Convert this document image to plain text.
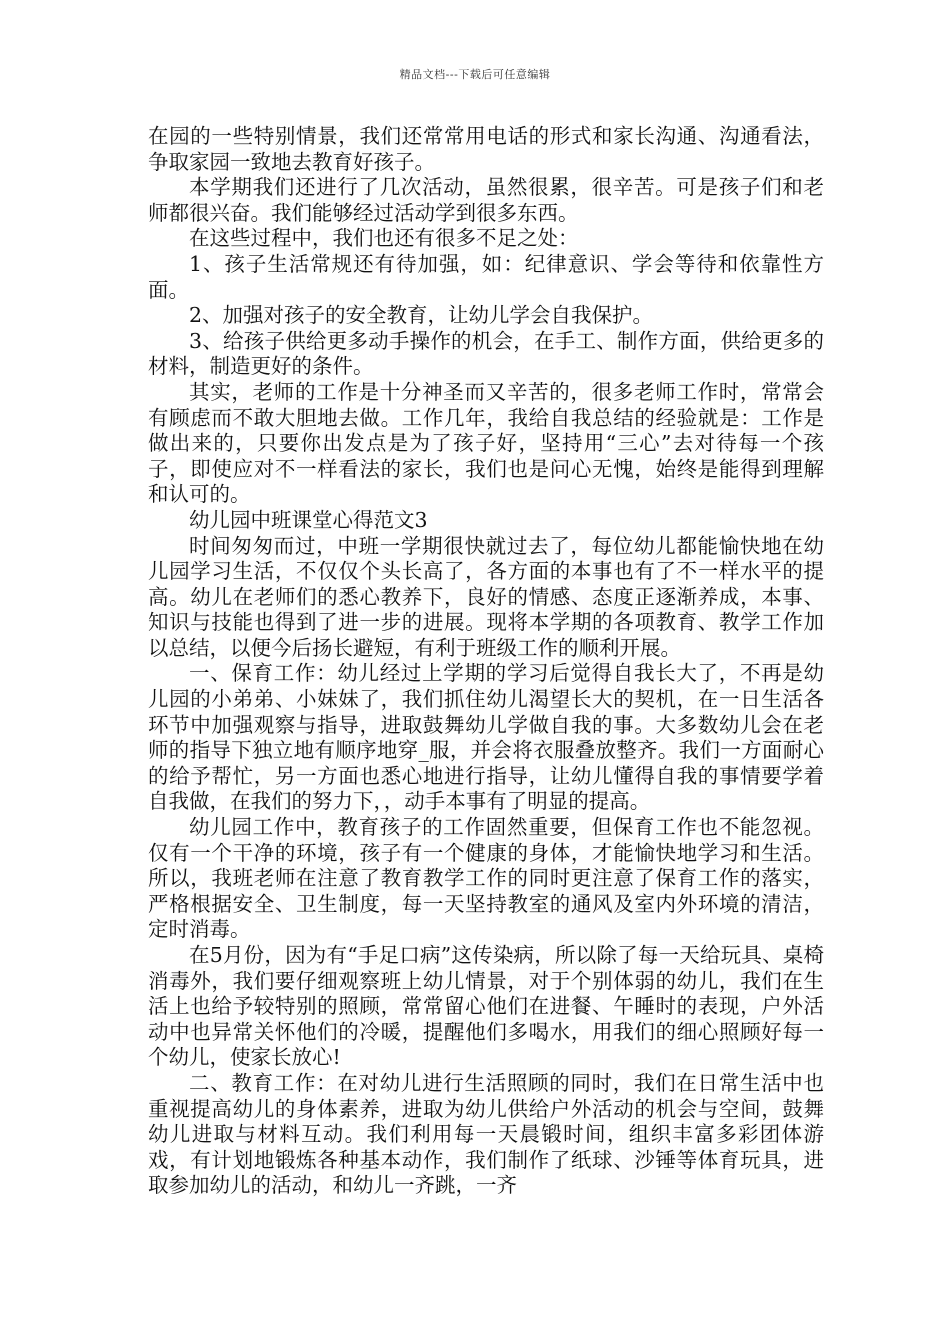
精品文档---下载后可任意编辑

在园的一些特别情景，我们还常常用电话的形式和家长沟通、沟通看法，争取家园一致地去教育好孩子。

本学期我们还进行了几次活动，虽然很累，很辛苦。可是孩子们和老师都很兴奋。我们能够经过活动学到很多东西。

在这些过程中，我们也还有很多不足之处：

1、孩子生活常规还有待加强，如：纪律意识、学会等待和依靠性方面。

2、加强对孩子的安全教育，让幼儿学会自我保护。

3、给孩子供给更多动手操作的机会，在手工、制作方面，供给更多的材料，制造更好的条件。

其实，老师的工作是十分神圣而又辛苦的，很多老师工作时，常常会有顾虑而不敢大胆地去做。工作几年，我给自我总结的经验就是：工作是做出来的，只要你出发点是为了孩子好，坚持用“三心”去对待每一个孩子，即使应对不一样看法的家长，我们也是问心无愧，始终是能得到理解和认可的。

幼儿园中班课堂心得范文3

时间匆匆而过，中班一学期很快就过去了，每位幼儿都能愉快地在幼儿园学习生活，不仅仅个头长高了，各方面的本事也有了不一样水平的提高。幼儿在老师们的悉心教养下，良好的情感、态度正逐渐养成，本事、知识与技能也得到了进一步的进展。现将本学期的各项教育、教学工作加以总结，以便今后扬长避短，有利于班级工作的顺利开展。

一、保育工作：幼儿经过上学期的学习后觉得自我长大了，不再是幼儿园的小弟弟、小妹妹了，我们抓住幼儿渴望长大的契机，在一日生活各环节中加强观察与指导，进取鼓舞幼儿学做自我的事。大多数幼儿会在老师的指导下独立地有顺序地穿_服，并会将衣服叠放整齐。我们一方面耐心的给予帮忙，另一方面也悉心地进行指导，让幼儿懂得自我的事情要学着自我做，在我们的努力下，，动手本事有了明显的提高。

幼儿园工作中，教育孩子的工作固然重要，但保育工作也不能忽视。仅有一个干净的环境，孩子有一个健康的身体，才能愉快地学习和生活。所以，我班老师在注意了教育教学工作的同时更注意了保育工作的落实，严格根据安全、卫生制度，每一天坚持教室的通风及室内外环境的清洁，定时消毒。

在5月份，因为有“手足口病”这传染病，所以除了每一天给玩具、桌椅消毒外，我们要仔细观察班上幼儿情景，对于个别体弱的幼儿，我们在生活上也给予较特别的照顾，常常留心他们在进餐、午睡时的表现，户外活动中也异常关怀他们的冷暖，提醒他们多喝水，用我们的细心照顾好每一个幼儿，使家长放心!

二、教育工作：在对幼儿进行生活照顾的同时，我们在日常生活中也重视提高幼儿的身体素养，进取为幼儿供给户外活动的机会与空间，鼓舞幼儿进取与材料互动。我们利用每一天晨锻时间，组织丰富多彩团体游戏，有计划地锻炼各种基本动作，我们制作了纸球、沙锤等体育玩具，进取参加幼儿的活动，和幼儿一齐跳，一齐
